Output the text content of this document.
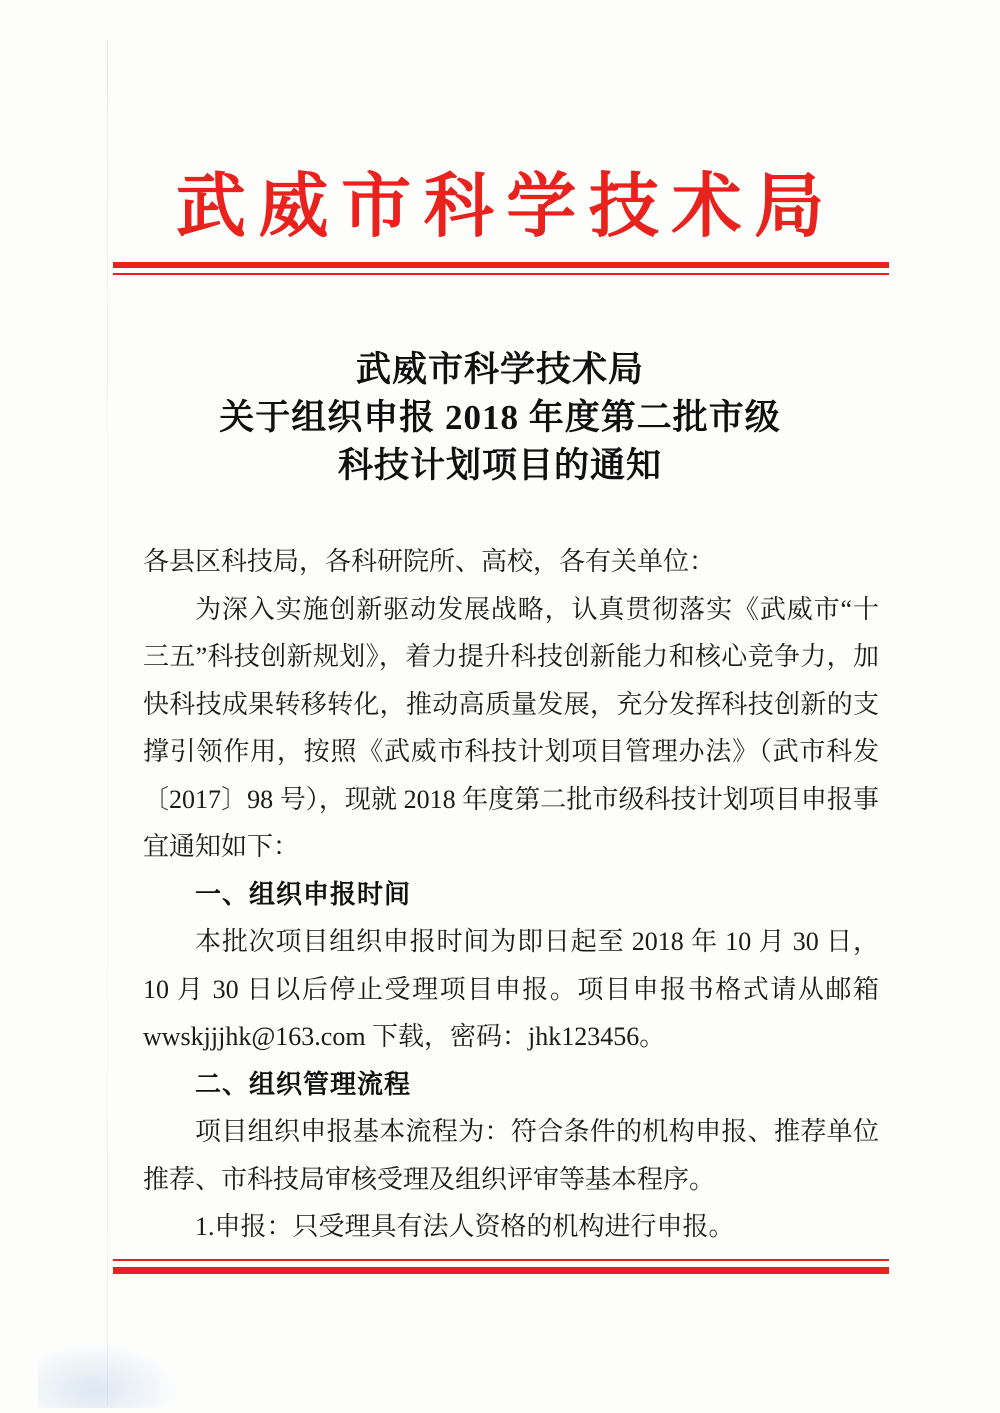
武威市科学技术局
武威市科学技术局
关于组织申报 2018 年度第二批市级
科技计划项目的通知

各县区科技局，各科研院所、高校，各有关单位：

为深入实施创新驱动发展战略，认真贯彻落实《武威市“十三五”科技创新规划》，着力提升科技创新能力和核心竞争力，加快科技成果转移转化，推动高质量发展，充分发挥科技创新的支撑引领作用，按照《武威市科技计划项目管理办法》（武市科发〔2017〕98 号），现就 2018 年度第二批市级科技计划项目申报事宜通知如下：

一、组织申报时间

本批次项目组织申报时间为即日起至 2018 年 10 月 30 日，10 月 30 日以后停止受理项目申报。项目申报书格式请从邮箱 wwskjjjhk@163.com 下载，密码：jhk123456。

二、组织管理流程

项目组织申报基本流程为：符合条件的机构申报、推荐单位推荐、市科技局审核受理及组织评审等基本程序。

1.申报：只受理具有法人资格的机构进行申报。
